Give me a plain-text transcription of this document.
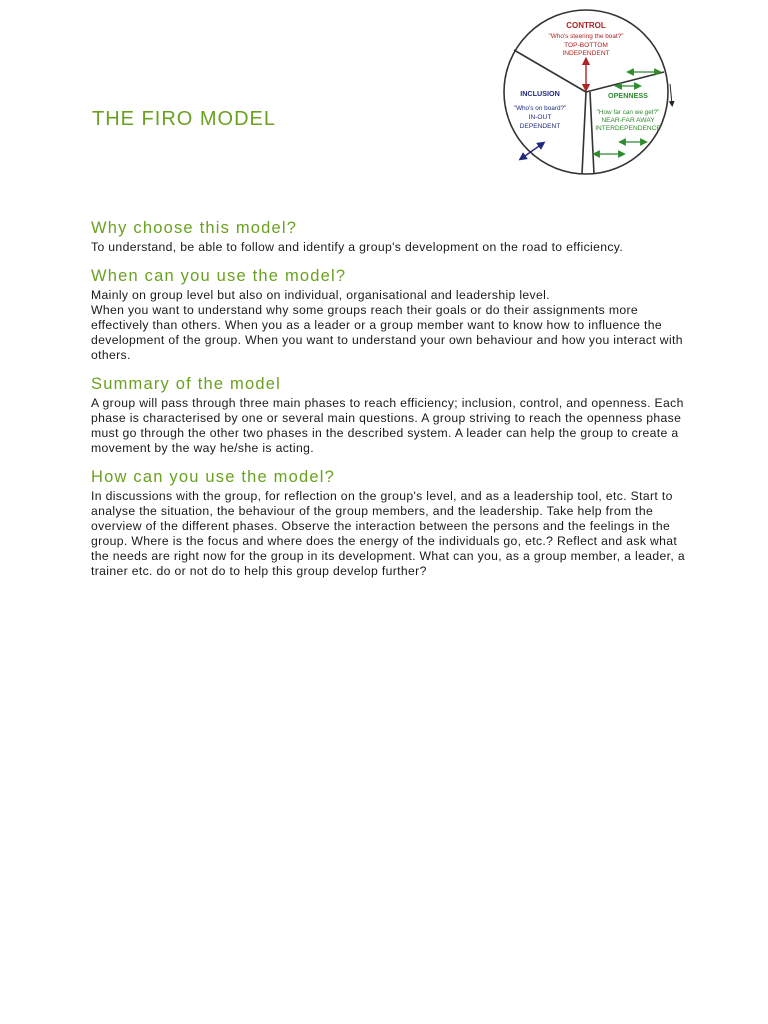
THE FIRO MODEL
CONTROL
"Who's steering the boat?"
TOP-BOTTOM
INDEPENDENT
INCLUSION
"Who's on board?"
IN-OUT
DEPENDENT
OPENNESS
"How far can we get?"
NEAR-FAR AWAY
INTERDEPENDENCE
Why choose this model?

To understand, be able to follow and identify a group's development on the road to efficiency.

When can you use the model?

Mainly on group level but also on individual, organisational and leadership level.

When you want to understand why some groups reach their goals or do their assignments more effectively than others. When you as a leader or a group member want to know how to influence the development of the group. When you want to understand your own behaviour and how you interact with others.

Summary of the model

A group will pass through three main phases to reach efficiency; inclusion, control, and openness. Each phase is characterised by one or several main questions. A group striving to reach the openness phase must go through the other two phases in the described system. A leader can help the group to create a movement by the way he/she is acting.

How can you use the model?

In discussions with the group, for reflection on the group's level, and as a leadership tool, etc. Start to analyse the situation, the behaviour of the group members, and the leadership. Take help from the overview of the different phases. Observe the interaction between the persons and the feelings in the group. Where is the focus and where does the energy of the individuals go, etc.? Reflect and ask what the needs are right now for the group in its development. What can you, as a group member, a leader, a trainer etc. do or not do to help this group develop further?
